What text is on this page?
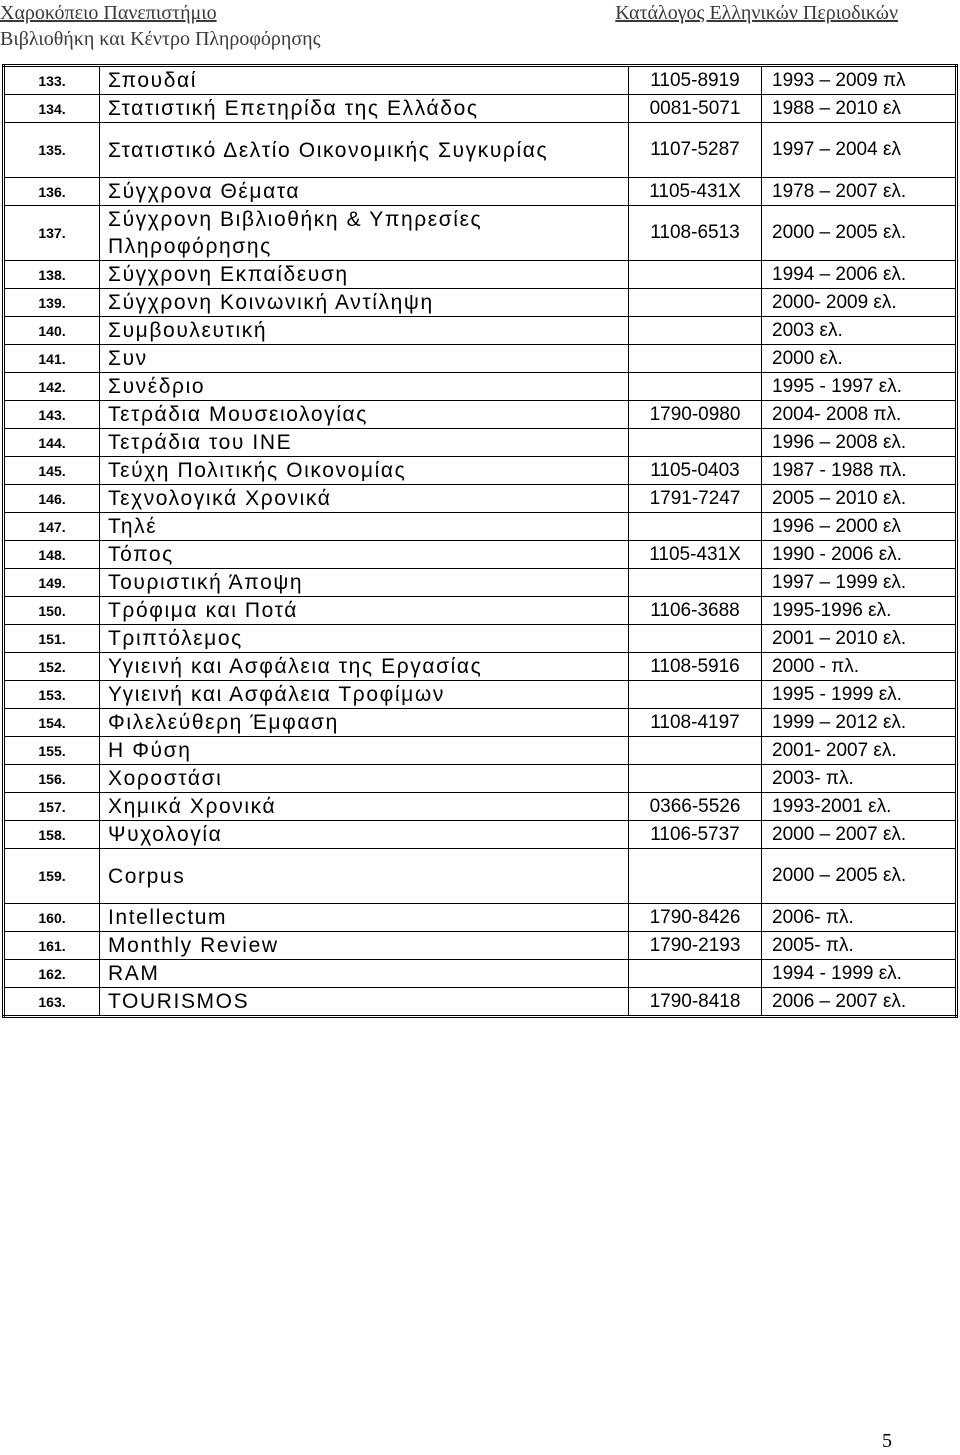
Χαροκόπειο Πανεπιστήμιο
Βιβλιοθήκη και Κέντρο Πληροφόρησης
Κατάλογος Ελληνικών Περιοδικών
133.	Σπουδαί	1105-8919	1993 – 2009 πλ
134.	Στατιστική Επετηρίδα της Ελλάδος	0081-5071	1988 – 2010 ελ
135.	Στατιστικό Δελτίο Οικονομικής Συγκυρίας	1107-5287	1997 – 2004 ελ
136.	Σύγχρονα Θέματα	1105-431X	1978 – 2007 ελ.
137.	Σύγχρονη Βιβλιοθήκη & Υπηρεσίες Πληροφόρησης	1108-6513	2000 – 2005 ελ.
138.	Σύγχρονη Εκπαίδευση		1994 – 2006 ελ.
139.	Σύγχρονη Κοινωνική Αντίληψη		2000- 2009 ελ.
140.	Συμβουλευτική		2003 ελ.
141.	Συν		2000 ελ.
142.	Συνέδριο		1995 - 1997 ελ.
143.	Τετράδια Μουσειολογίας	1790-0980	2004- 2008 πλ.
144.	Τετράδια του ΙΝΕ		1996 – 2008 ελ.
145.	Τεύχη Πολιτικής Οικονομίας	1105-0403	1987 - 1988 πλ.
146.	Τεχνολογικά Χρονικά	1791-7247	2005 – 2010 ελ.
147.	Τηλέ		1996 – 2000 ελ
148.	Τόπος	1105-431X	1990 - 2006 ελ.
149.	Τουριστική Άποψη		1997 – 1999 ελ.
150.	Τρόφιμα και Ποτά	1106-3688	1995-1996 ελ.
151.	Τριπτόλεμος		2001 – 2010 ελ.
152.	Υγιεινή και Ασφάλεια της Εργασίας	1108-5916	2000 - πλ.
153.	Υγιεινή και Ασφάλεια Τροφίμων		1995 - 1999 ελ.
154.	Φιλελεύθερη Έμφαση	1108-4197	1999 – 2012 ελ.
155.	Η Φύση		2001- 2007 ελ.
156.	Χοροστάσι		2003- πλ.
157.	Χημικά Χρονικά	0366-5526	1993-2001 ελ.
158.	Ψυχολογία	1106-5737	2000 – 2007 ελ.
159.	Corpus		2000 – 2005 ελ.
160.	Intellectum	1790-8426	2006- πλ.
161.	Monthly Review	1790-2193	2005- πλ.
162.	RAM		1994 - 1999 ελ.
163.	TOURISMOS	1790-8418	2006 – 2007 ελ.
5
